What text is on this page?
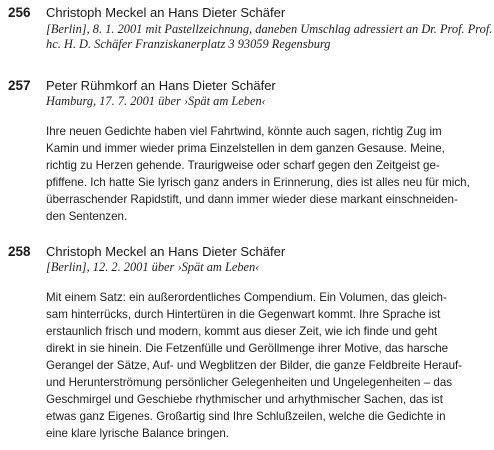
256 Christoph Meckel an Hans Dieter Schäfer
[Berlin], 8. 1. 2001 mit Pastellzeichnung, daneben Umschlag adressiert an Dr. Prof. Prof.
hc. H. D. Schäfer Franziskanerplatz 3 93059 Regensburg
257 Peter Rühmkorf an Hans Dieter Schäfer
Hamburg, 17. 7. 2001 über ›Spät am Leben‹
Ihre neuen Gedichte haben viel Fahrtwind, könnte auch sagen, richtig Zug im
Kamin und immer wieder prima Einzelstellen in dem ganzen Gesause. Meine,
richtig zu Herzen gehende. Traurigweise oder scharf gegen den Zeitgeist ge-
pfiffene. Ich hatte Sie lyrisch ganz anders in Erinnerung, dies ist alles neu für mich,
überraschender Rapidstift, und dann immer wieder diese markant einschneiden-
den Sentenzen.
258 Christoph Meckel an Hans Dieter Schäfer
[Berlin], 12. 2. 2001 über ›Spät am Leben‹
Mit einem Satz: ein außerordentliches Compendium. Ein Volumen, das gleich-
sam hinterrücks, durch Hintertüren in die Gegenwart kommt. Ihre Sprache ist
erstaunlich frisch und modern, kommt aus dieser Zeit, wie ich finde und geht
direkt in sie hinein. Die Fetzenfülle und Geröllmenge ihrer Motive, das harsche
Gerangel der Sätze, Auf- und Wegblitzen der Bilder, die ganze Feldbreite Herauf-
und Herunterströmung persönlicher Gelegenheiten und Ungelegenheiten – das
Geschmirgel und Geschiebe rhythmischer und arhythmischer Sachen, das ist
etwas ganz Eigenes. Großartig sind Ihre Schlußzeilen, welche die Gedichte in
eine klare lyrische Balance bringen.
